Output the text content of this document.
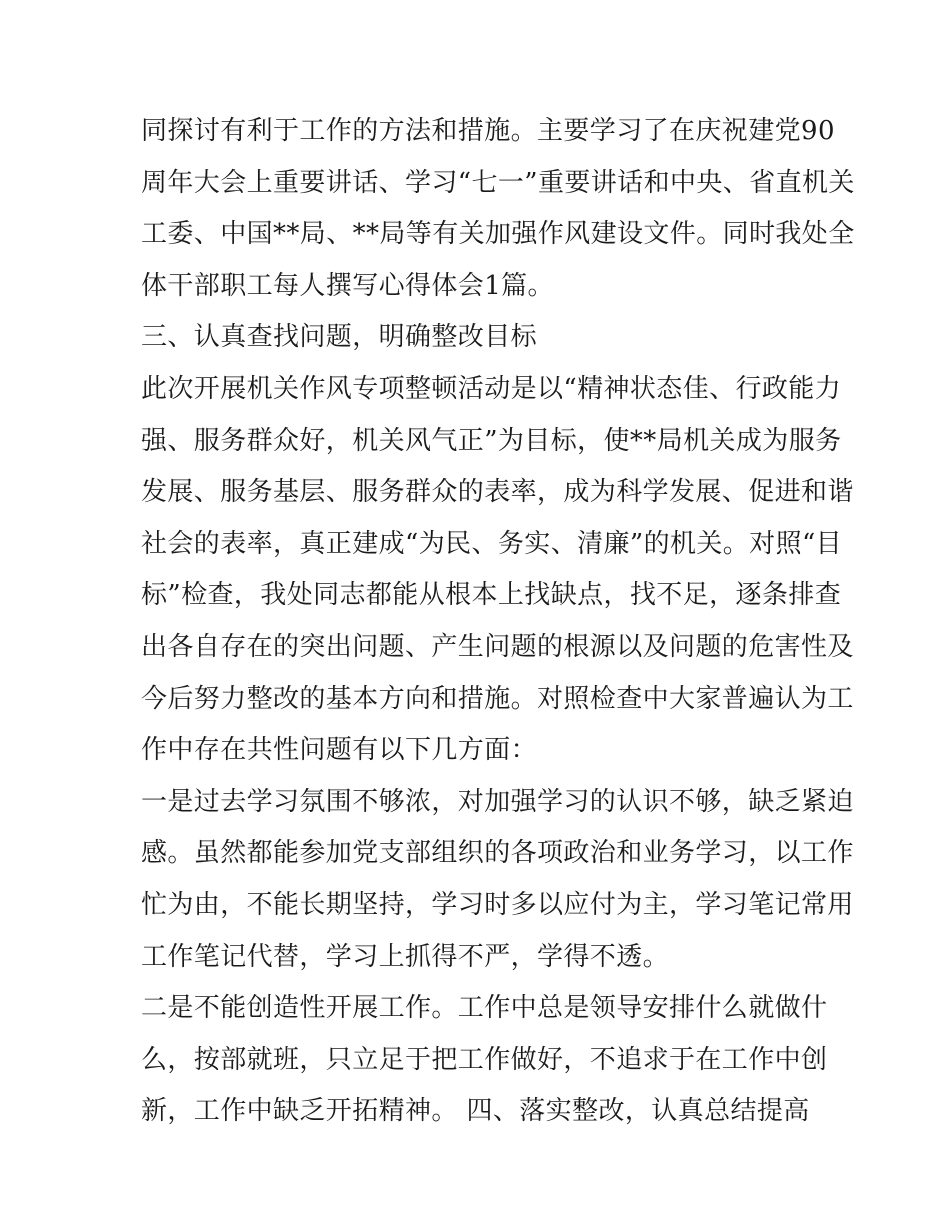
同探讨有利于工作的方法和措施。主要学习了在庆祝建党90
周年大会上重要讲话、学习“七一”重要讲话和中央、省直机关
工委、中国**局、**局等有关加强作风建设文件。同时我处全
体干部职工每人撰写心得体会1篇。
三、认真查找问题，明确整改目标
此次开展机关作风专项整顿活动是以“精神状态佳、行政能力
强、服务群众好，机关风气正”为目标，使**局机关成为服务
发展、服务基层、服务群众的表率，成为科学发展、促进和谐
社会的表率，真正建成“为民、务实、清廉”的机关。对照“目
标”检查，我处同志都能从根本上找缺点，找不足，逐条排查
出各自存在的突出问题、产生问题的根源以及问题的危害性及
今后努力整改的基本方向和措施。对照检查中大家普遍认为工
作中存在共性问题有以下几方面：
一是过去学习氛围不够浓，对加强学习的认识不够，缺乏紧迫
感。虽然都能参加党支部组织的各项政治和业务学习，以工作
忙为由，不能长期坚持，学习时多以应付为主，学习笔记常用
工作笔记代替，学习上抓得不严，学得不透。
二是不能创造性开展工作。工作中总是领导安排什么就做什
么，按部就班，只立足于把工作做好，不追求于在工作中创
新，工作中缺乏开拓精神。 四、落实整改，认真总结提高
